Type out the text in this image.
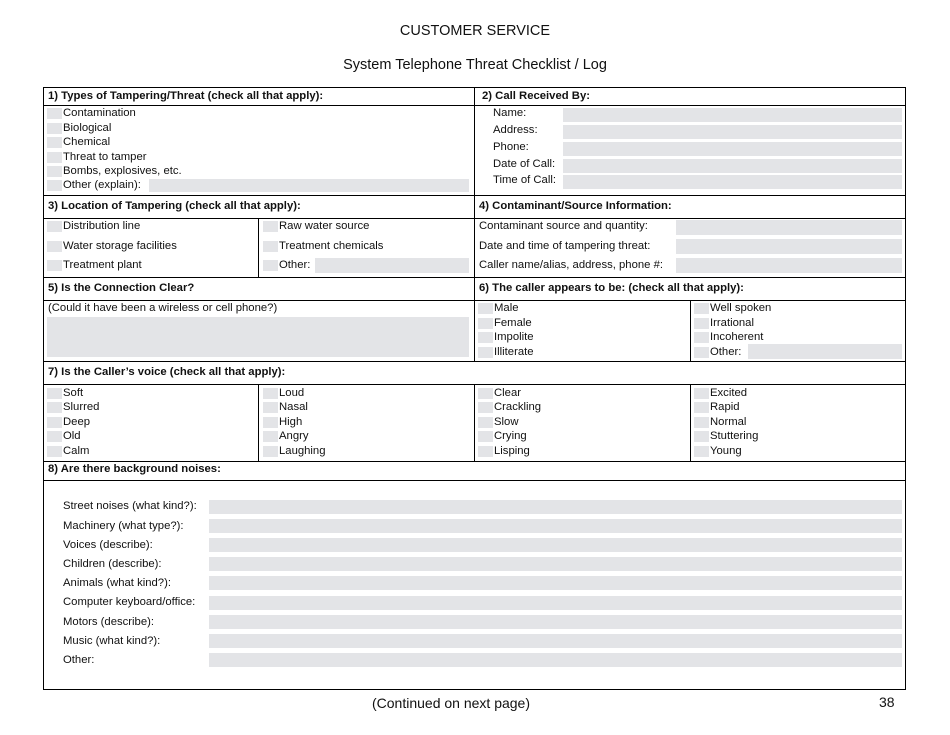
CUSTOMER SERVICE
System Telephone Threat Checklist / Log
1) Types of Tampering/Threat (check all that apply):
Contamination
Biological
Chemical
Threat to tamper
Bombs, explosives, etc.
Other (explain):
2) Call Received By:
Name:
Address:
Phone:
Date of Call:
Time of Call:
3) Location of Tampering (check all that apply):
Distribution line
Water storage facilities
Treatment plant
Raw water source
Treatment chemicals
Other:
4) Contaminant/Source Information:
Contaminant source and quantity:
Date and time of tampering threat:
Caller name/alias, address, phone #:
5) Is the Connection Clear?
(Could it have been a wireless or cell phone?)
6) The caller appears to be: (check all that apply):
Male
Female
Impolite
Illiterate
Well spoken
Irrational
Incoherent
Other:
7) Is the Caller’s voice (check all that apply):
Soft
Slurred
Deep
Old
Calm
Loud
Nasal
High
Angry
Laughing
Clear
Crackling
Slow
Crying
Lisping
Excited
Rapid
Normal
Stuttering
Young
8) Are there background noises:
Street noises (what kind?):
Machinery (what type?):
Voices (describe):
Children (describe):
Animals (what kind?):
Computer keyboard/office:
Motors (describe):
Music (what kind?):
Other:
(Continued on next page)	38
